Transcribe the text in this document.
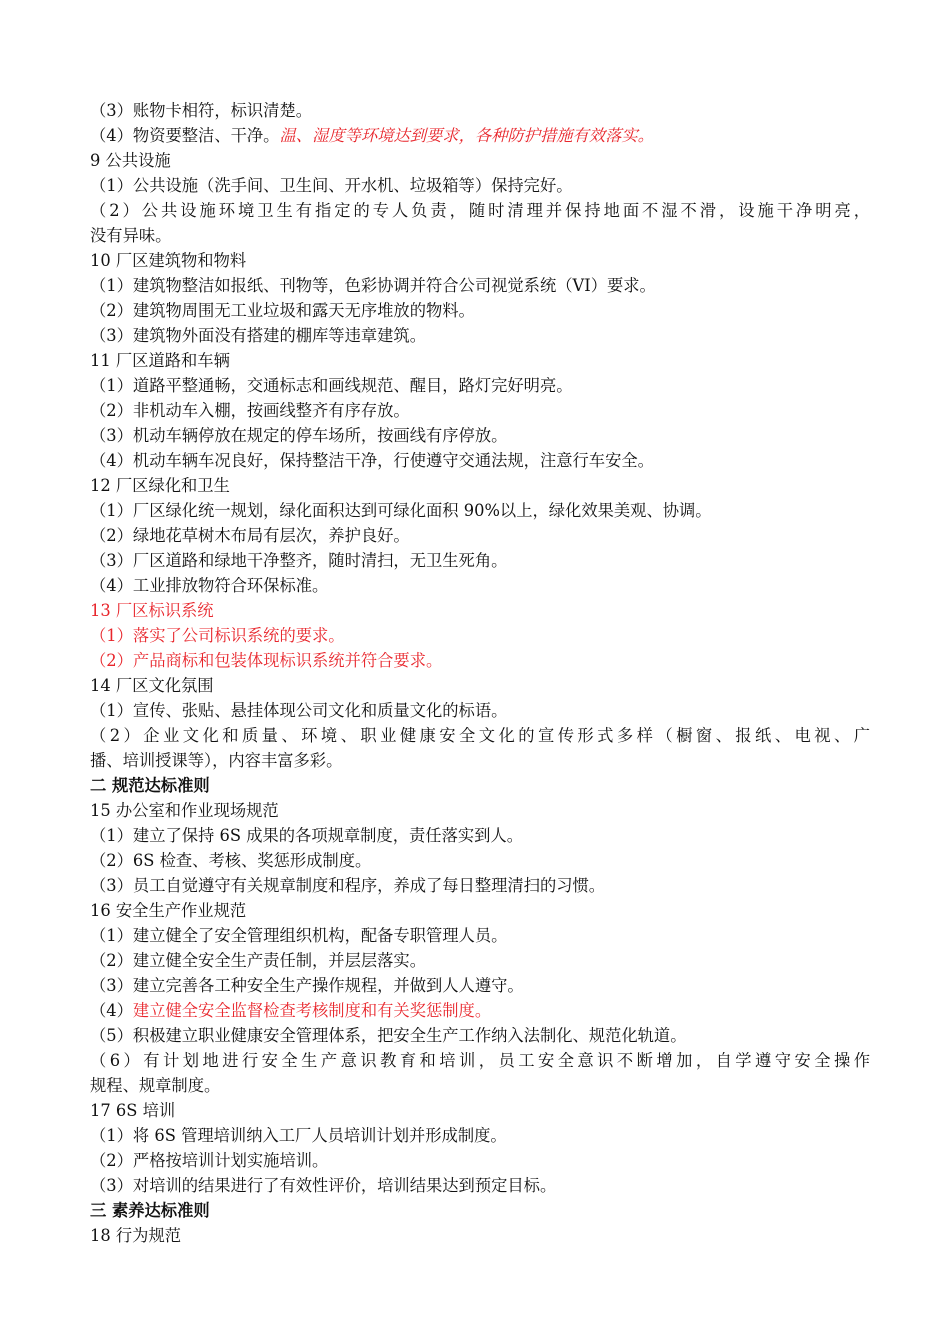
（3）账物卡相符，标识清楚。
（4）物资要整洁、干净。温、湿度等环境达到要求，各种防护措施有效落实。
9 公共设施
（1）公共设施（洗手间、卫生间、开水机、垃圾箱等）保持完好。
（2）公共设施环境卫生有指定的专人负责，随时清理并保持地面不湿不滑，设施干净明亮，
没有异味。
10 厂区建筑物和物料
（1）建筑物整洁如报纸、刊物等，色彩协调并符合公司视觉系统（VI）要求。
（2）建筑物周围无工业垃圾和露天无序堆放的物料。
（3）建筑物外面没有搭建的棚库等违章建筑。
11 厂区道路和车辆
（1）道路平整通畅，交通标志和画线规范、醒目，路灯完好明亮。
（2）非机动车入棚，按画线整齐有序存放。
（3）机动车辆停放在规定的停车场所，按画线有序停放。
（4）机动车辆车况良好，保持整洁干净，行使遵守交通法规，注意行车安全。
12 厂区绿化和卫生
（1）厂区绿化统一规划，绿化面积达到可绿化面积 90%以上，绿化效果美观、协调。
（2）绿地花草树木布局有层次，养护良好。
（3）厂区道路和绿地干净整齐，随时清扫，无卫生死角。
（4）工业排放物符合环保标准。
13 厂区标识系统
（1）落实了公司标识系统的要求。
（2）产品商标和包装体现标识系统并符合要求。
14 厂区文化氛围
（1）宣传、张贴、悬挂体现公司文化和质量文化的标语。
（2）企业文化和质量、环境、职业健康安全文化的宣传形式多样（橱窗、报纸、电视、广
播、培训授课等），内容丰富多彩。
二 规范达标准则
15 办公室和作业现场规范
（1）建立了保持 6S 成果的各项规章制度，责任落实到人。
（2）6S 检查、考核、奖惩形成制度。
（3）员工自觉遵守有关规章制度和程序，养成了每日整理清扫的习惯。
16 安全生产作业规范
（1）建立健全了安全管理组织机构，配备专职管理人员。
（2）建立健全安全生产责任制，并层层落实。
（3）建立完善各工种安全生产操作规程，并做到人人遵守。
（4）建立健全安全监督检查考核制度和有关奖惩制度。
（5）积极建立职业健康安全管理体系，把安全生产工作纳入法制化、规范化轨道。
（6）有计划地进行安全生产意识教育和培训，员工安全意识不断增加，自学遵守安全操作
规程、规章制度。
17 6S 培训
（1）将 6S 管理培训纳入工厂人员培训计划并形成制度。
（2）严格按培训计划实施培训。
（3）对培训的结果进行了有效性评价，培训结果达到预定目标。
三 素养达标准则
18 行为规范
